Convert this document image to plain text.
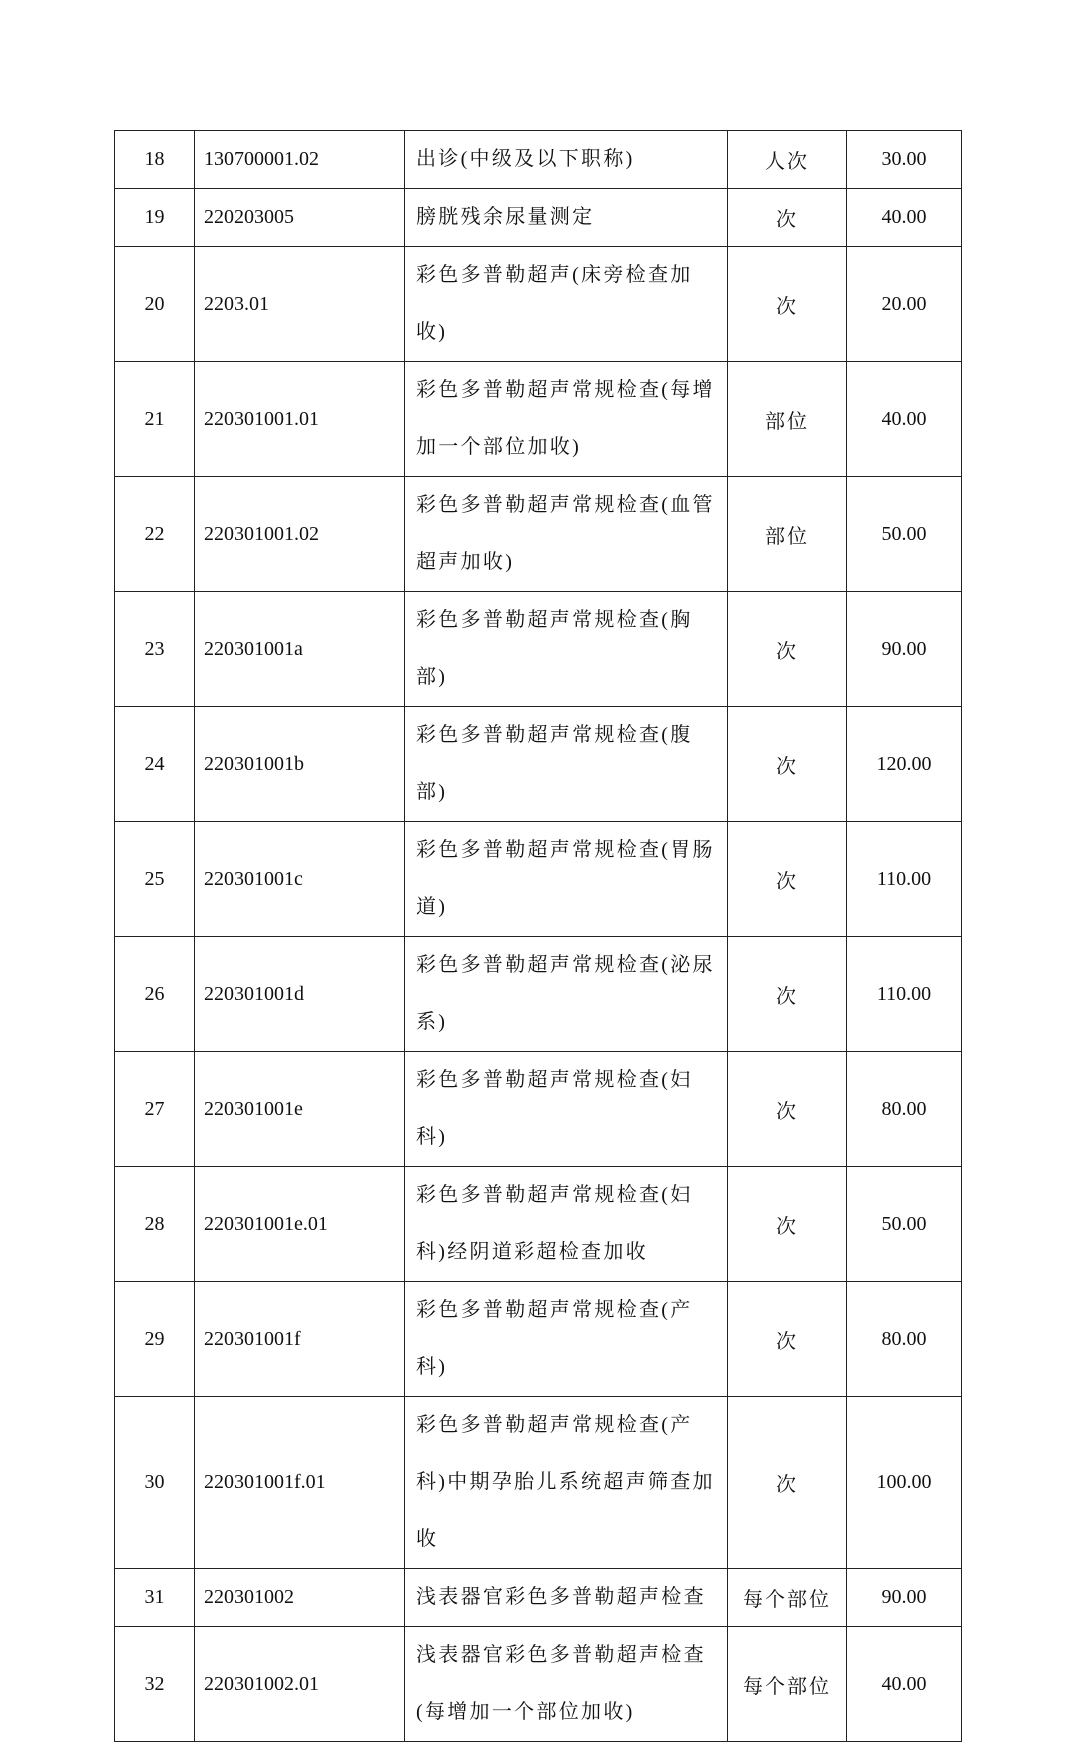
18	130700001.02	出诊(中级及以下职称)	人次	30.00
19	220203005	膀胱残余尿量测定	次	40.00
20	2203.01	彩色多普勒超声(床旁检查加收)	次	20.00
21	220301001.01	彩色多普勒超声常规检查(每增加一个部位加收)	部位	40.00
22	220301001.02	彩色多普勒超声常规检查(血管超声加收)	部位	50.00
23	220301001a	彩色多普勒超声常规检查(胸部)	次	90.00
24	220301001b	彩色多普勒超声常规检查(腹部)	次	120.00
25	220301001c	彩色多普勒超声常规检查(胃肠道)	次	110.00
26	220301001d	彩色多普勒超声常规检查(泌尿系)	次	110.00
27	220301001e	彩色多普勒超声常规检查(妇科)	次	80.00
28	220301001e.01	彩色多普勒超声常规检查(妇科)经阴道彩超检查加收	次	50.00
29	220301001f	彩色多普勒超声常规检查(产科)	次	80.00
30	220301001f.01	彩色多普勒超声常规检查(产科)中期孕胎儿系统超声筛查加收	次	100.00
31	220301002	浅表器官彩色多普勒超声检查	每个部位	90.00
32	220301002.01	浅表器官彩色多普勒超声检查(每增加一个部位加收)	每个部位	40.00
